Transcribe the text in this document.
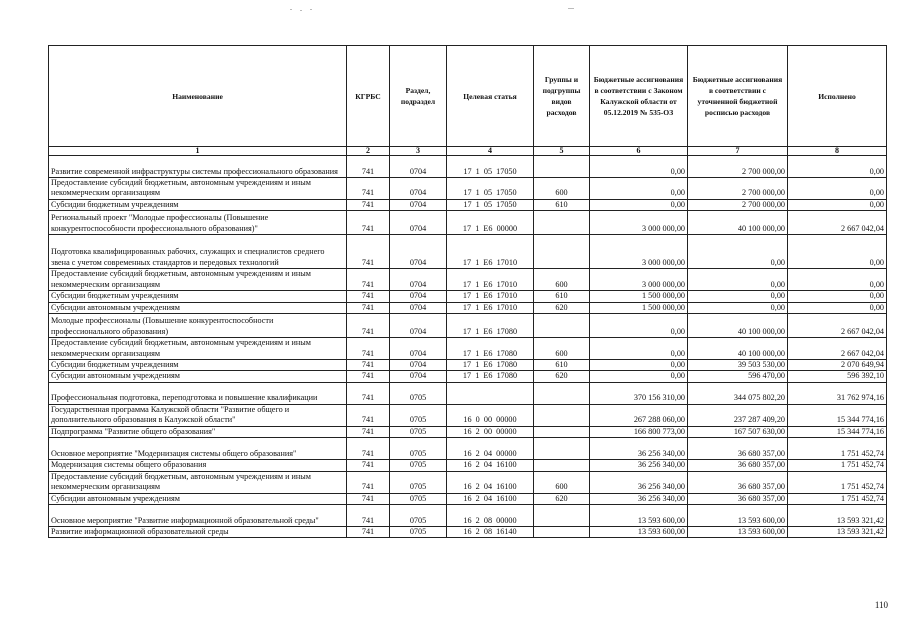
Наименование	КГРБС	Раздел, подраздел	Целевая статья	Группы и подгруппы видов расходов	Бюджетные ассигнования в соответствии с Законом Калужской области от 05.12.2019 № 535-ОЗ	Бюджетные ассигнования в соответствии с уточненной бюджетной росписью расходов	Исполнено
1	2	3	4	5	6	7	8
Развитие современной инфраструктуры системы профессионального образования	741	0704	17  1  05  17050		0,00	2 700 000,00	0,00
Предоставление субсидий бюджетным, автономным учреждениям и иным некоммерческим организациям	741	0704	17  1  05  17050	600	0,00	2 700 000,00	0,00
Субсидии бюджетным учреждениям	741	0704	17  1  05  17050	610	0,00	2 700 000,00	0,00
Региональный проект "Молодые профессионалы (Повышение конкурентоспособности профессионального образования)"	741	0704	17  1  E6  00000		3 000 000,00	40 100 000,00	2 667 042,04
Подготовка квалифицированных рабочих, служащих и специалистов среднего звена с учетом современных стандартов и передовых технологий	741	0704	17  1  E6  17010		3 000 000,00	0,00	0,00
Предоставление субсидий бюджетным, автономным учреждениям и иным некоммерческим организациям	741	0704	17  1  E6  17010	600	3 000 000,00	0,00	0,00
Субсидии бюджетным учреждениям	741	0704	17  1  E6  17010	610	1 500 000,00	0,00	0,00
Субсидии автономным учреждениям	741	0704	17  1  E6  17010	620	1 500 000,00	0,00	0,00
Молодые профессионалы (Повышение конкурентоспособности профессионального образования)	741	0704	17  1  E6  17080		0,00	40 100 000,00	2 667 042,04
Предоставление субсидий бюджетным, автономным учреждениям и иным некоммерческим организациям	741	0704	17  1  E6  17080	600	0,00	40 100 000,00	2 667 042,04
Субсидии бюджетным учреждениям	741	0704	17  1  E6  17080	610	0,00	39 503 530,00	2 070 649,94
Субсидии автономным учреждениям	741	0704	17  1  E6  17080	620	0,00	596 470,00	596 392,10
Профессиональная подготовка, переподготовка и повышение квалификации	741	0705			370 156 310,00	344 075 802,20	31 762 974,16
Государственная программа Калужской области "Развитие общего и дополнительного образования в Калужской области"	741	0705	16  0  00  00000		267 288 060,00	237 287 409,20	15 344 774,16
Подпрограмма "Развитие общего образования"	741	0705	16  2  00  00000		166 800 773,00	167 507 630,00	15 344 774,16
Основное мероприятие "Модернизация системы общего образования"	741	0705	16  2  04  00000		36 256 340,00	36 680 357,00	1 751 452,74
Модернизация системы общего образования	741	0705	16  2  04  16100		36 256 340,00	36 680 357,00	1 751 452,74
Предоставление субсидий бюджетным, автономным учреждениям и иным некоммерческим организациям	741	0705	16  2  04  16100	600	36 256 340,00	36 680 357,00	1 751 452,74
Субсидии автономным учреждениям	741	0705	16  2  04  16100	620	36 256 340,00	36 680 357,00	1 751 452,74
Основное мероприятие "Развитие информационной образовательной среды"	741	0705	16  2  08  00000		13 593 600,00	13 593 600,00	13 593 321,42
Развитие информационной образовательной среды	741	0705	16  2  08  16140		13 593 600,00	13 593 600,00	13 593 321,42
110
